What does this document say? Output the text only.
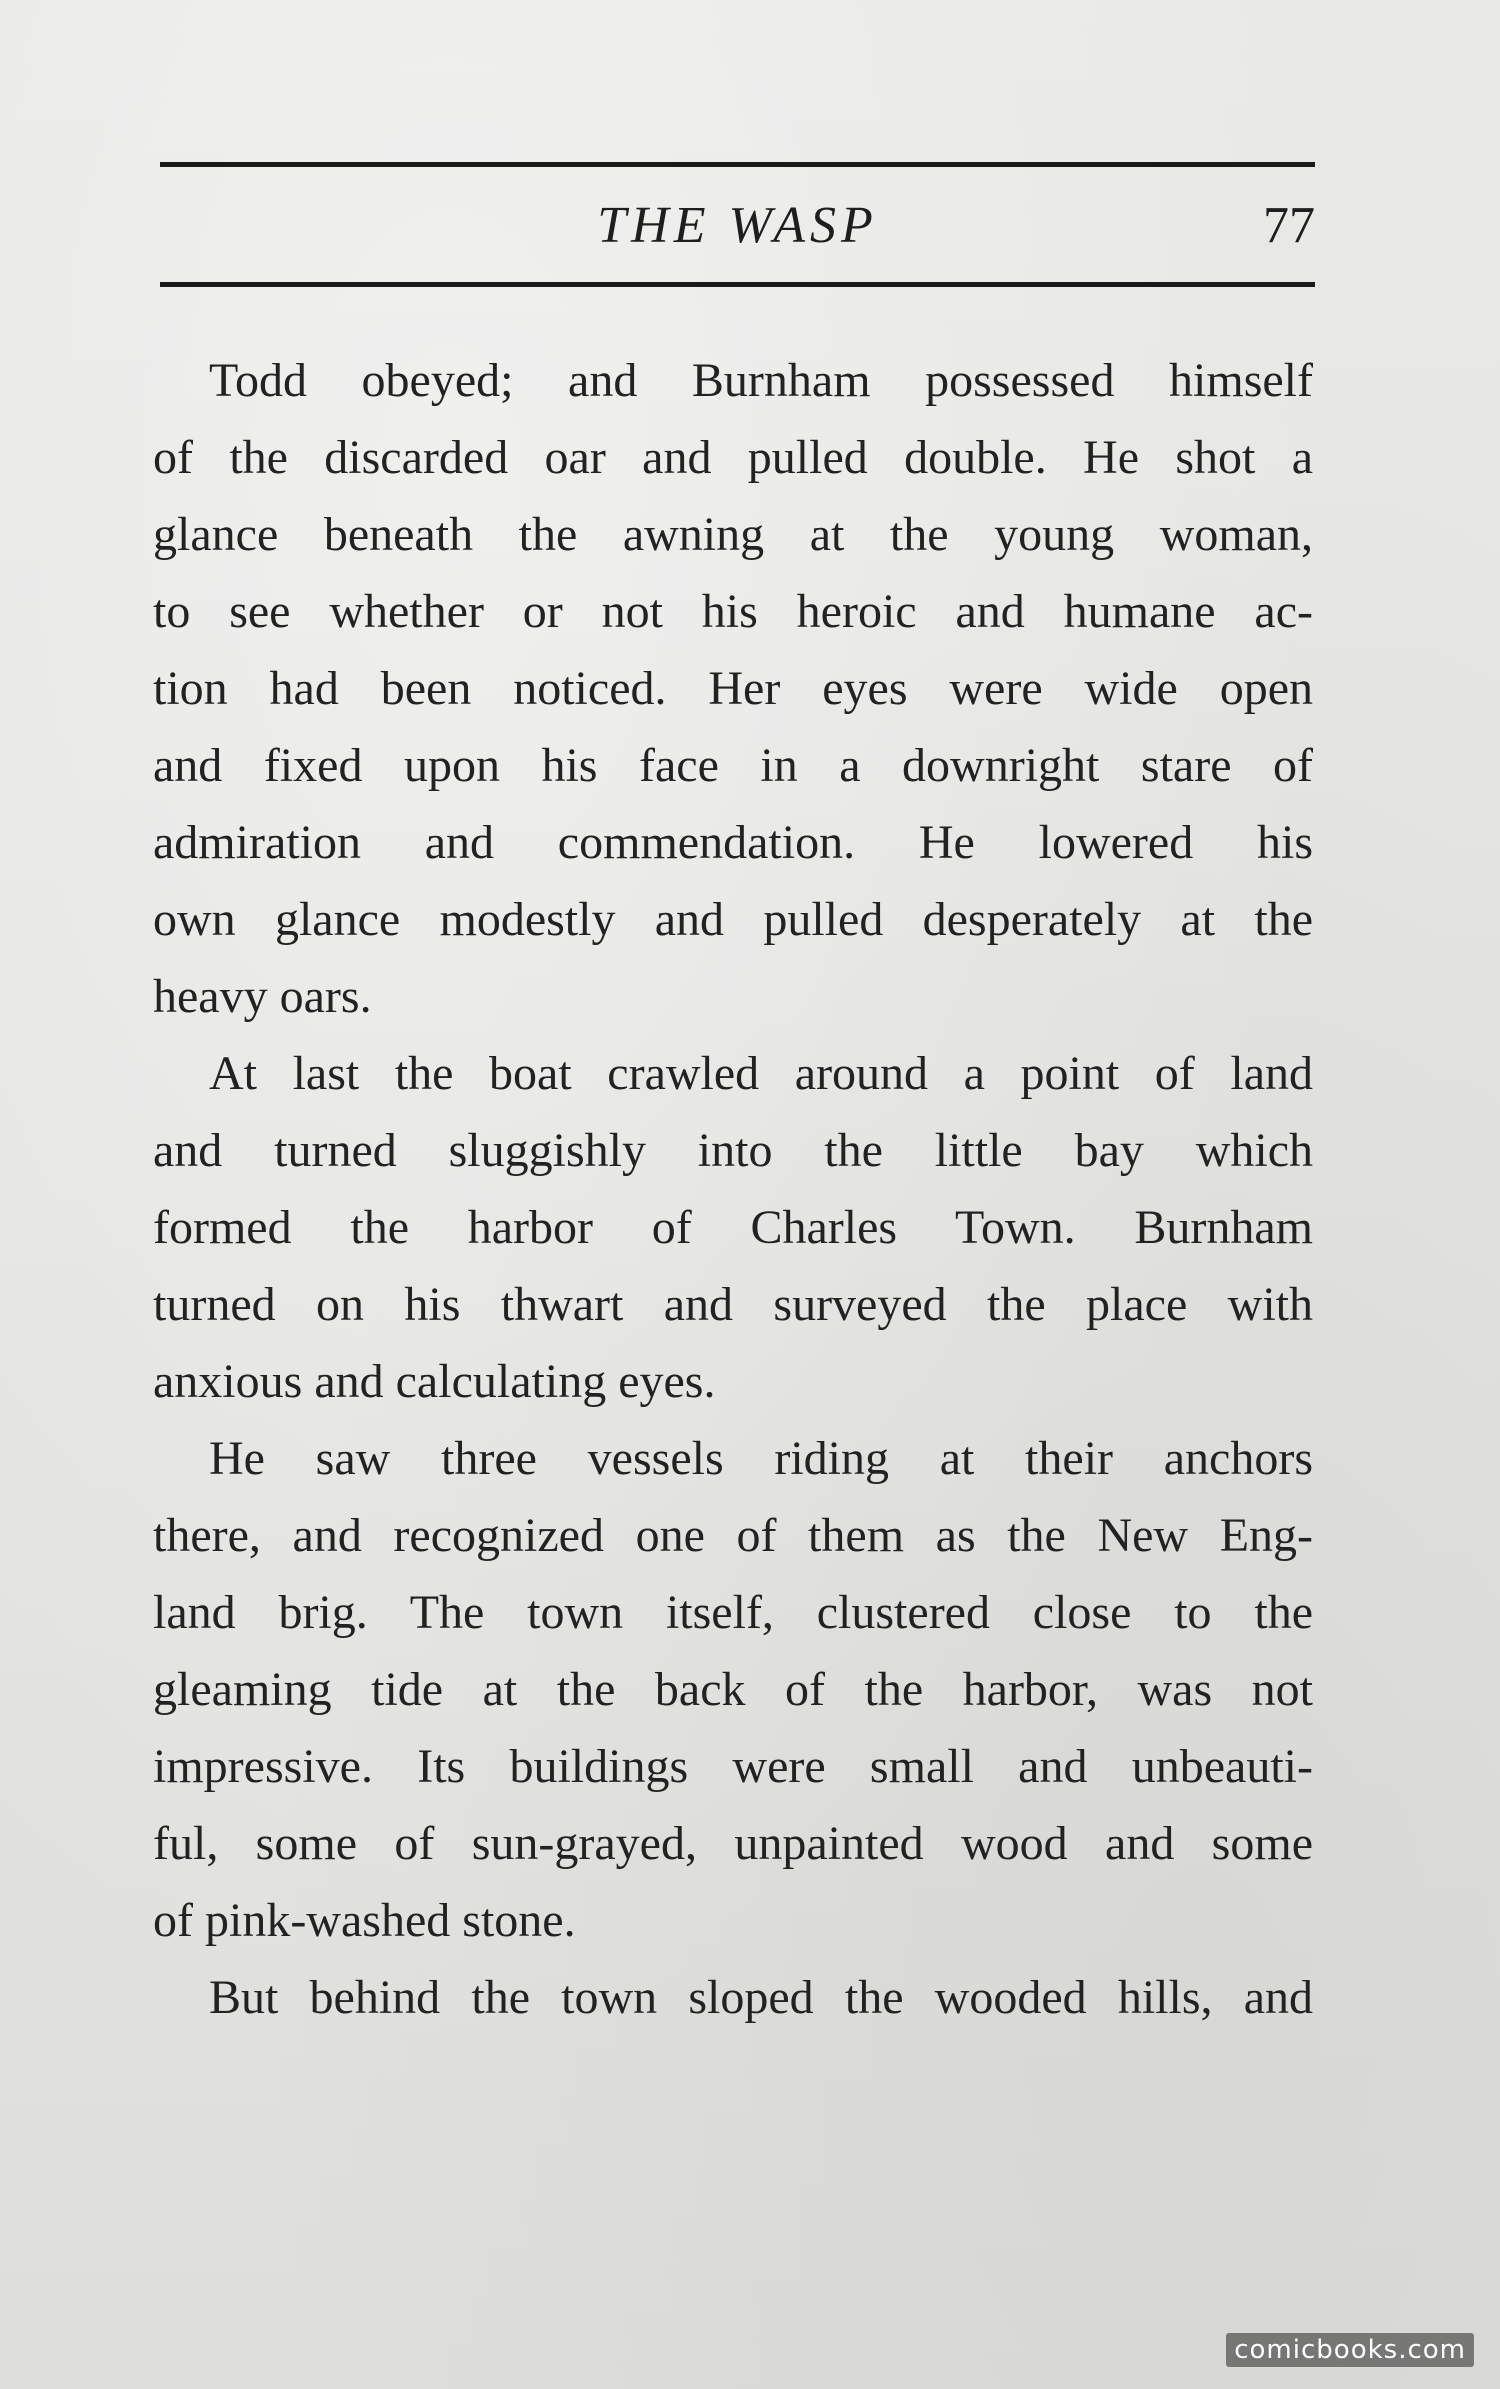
THE WASP	77

Todd obeyed; and Burnham possessed himself
of the discarded oar and pulled double. He shot a
glance beneath the awning at the young woman,
to see whether or not his heroic and humane ac-
tion had been noticed. Her eyes were wide open
and fixed upon his face in a downright stare of
admiration and commendation. He lowered his
own glance modestly and pulled desperately at the
heavy oars.

At last the boat crawled around a point of land
and turned sluggishly into the little bay which
formed the harbor of Charles Town. Burnham
turned on his thwart and surveyed the place with
anxious and calculating eyes.

He saw three vessels riding at their anchors
there, and recognized one of them as the New Eng-
land brig. The town itself, clustered close to the
gleaming tide at the back of the harbor, was not
impressive. Its buildings were small and unbeauti-
ful, some of sun-grayed, unpainted wood and some
of pink-washed stone.

But behind the town sloped the wooded hills, and

comicbooks.com
